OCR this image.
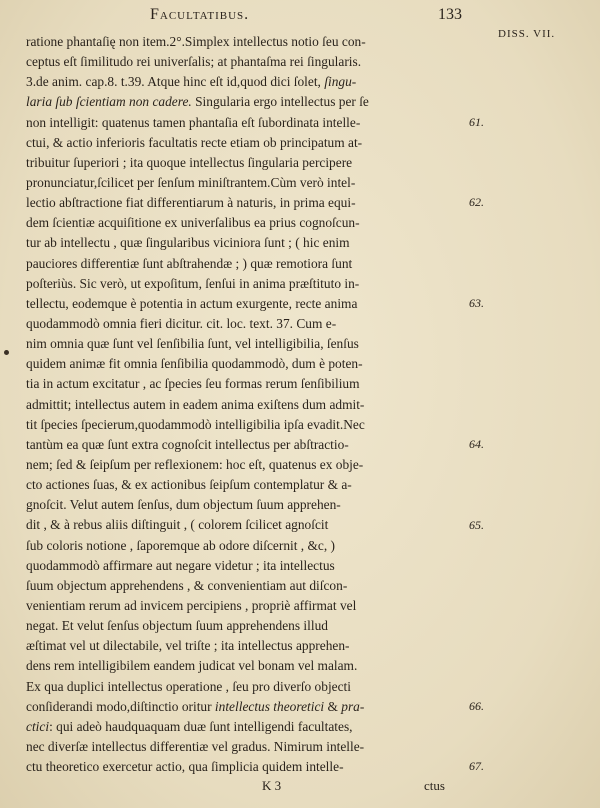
Facultatibus.	133
DISS. VII.
ratione phantaſię non item.2°.Simplex intellectus notio ſeu con-
ceptus eſt ſimilitudo rei univerſalis; at phantaſma rei ſingularis.
3.de anim. cap.8. t.39. Atque hinc eſt id,quod dici ſolet, ſingu-
laria ſub ſcientiam non cadere. Singularia ergo intellectus per ſe
non intelligit: quatenus tamen phantaſia eſt ſubordinata intelle-
ctui, & actio inferioris facultatis recte etiam ob principatum at-
tribuitur ſuperiori ; ita quoque intellectus ſingularia percipere
pronunciatur,ſcilicet per ſenſum miniſtrantem.Cùm verò intel-
lectio abſtractione fiat differentiarum à naturis, in prima equi-
dem ſcientiæ acquiſitione ex univerſalibus ea prius cognoſcun-
tur ab intellectu , quæ ſingularibus viciniora ſunt ; ( hic enim
pauciores differentiæ ſunt abſtrahendæ ; ) quæ remotiora ſunt
poſteriùs. Sic verò, ut expoſitum, ſenſui in anima præſtituto in-
tellectu, eodemque è potentia in actum exurgente, recte anima
quodammodò omnia fieri dicitur. cit. loc. text. 37. Cum e-
nim omnia quæ ſunt vel ſenſibilia ſunt, vel intelligibilia, ſenſus
quidem animæ fit omnia ſenſibilia quodammodò, dum è poten-
tia in actum excitatur , ac ſpecies ſeu formas rerum ſenſibilium
admittit; intellectus autem in eadem anima exiſtens dum admit-
tit ſpecies ſpecierum,quodammodò intelligibilia ipſa evadit.Nec
tantùm ea quæ ſunt extra cognoſcit intellectus per abſtractio-
nem; ſed & ſeipſum per reflexionem: hoc eſt, quatenus ex obje-
cto actiones ſuas, & ex actionibus ſeipſum contemplatur & a-
gnoſcit. Velut autem ſenſus, dum objectum ſuum apprehen-
dit , & à rebus aliis diſtinguit , ( colorem ſcilicet agnoſcit
ſub coloris notione , ſaporemque ab odore diſcernit , &c, )
quodammodò affirmare aut negare videtur ; ita intellectus
ſuum objectum apprehendens , & convenientiam aut diſcon-
venientiam rerum ad invicem percipiens , propriè affirmat vel
negat. Et velut ſenſus objectum ſuum apprehendens illud
æſtimat vel ut dilectabile, vel triſte ; ita intellectus apprehen-
dens rem intelligibilem eandem judicat vel bonam vel malam.
Ex qua duplici intellectus operatione , ſeu pro diverſo objecti
conſiderandi modo,diſtinctio oritur intellectus theoretici & pra-
ctici: qui adeò haudquaquam duæ ſunt intelligendi facultates,
nec diverſæ intellectus differentiæ vel gradus. Nimirum intelle-
ctu theoretico exercetur actio, qua ſimplicia quidem intelle-
61.
62.
63.
64.
65.
66.
67.
K 3	ctus
